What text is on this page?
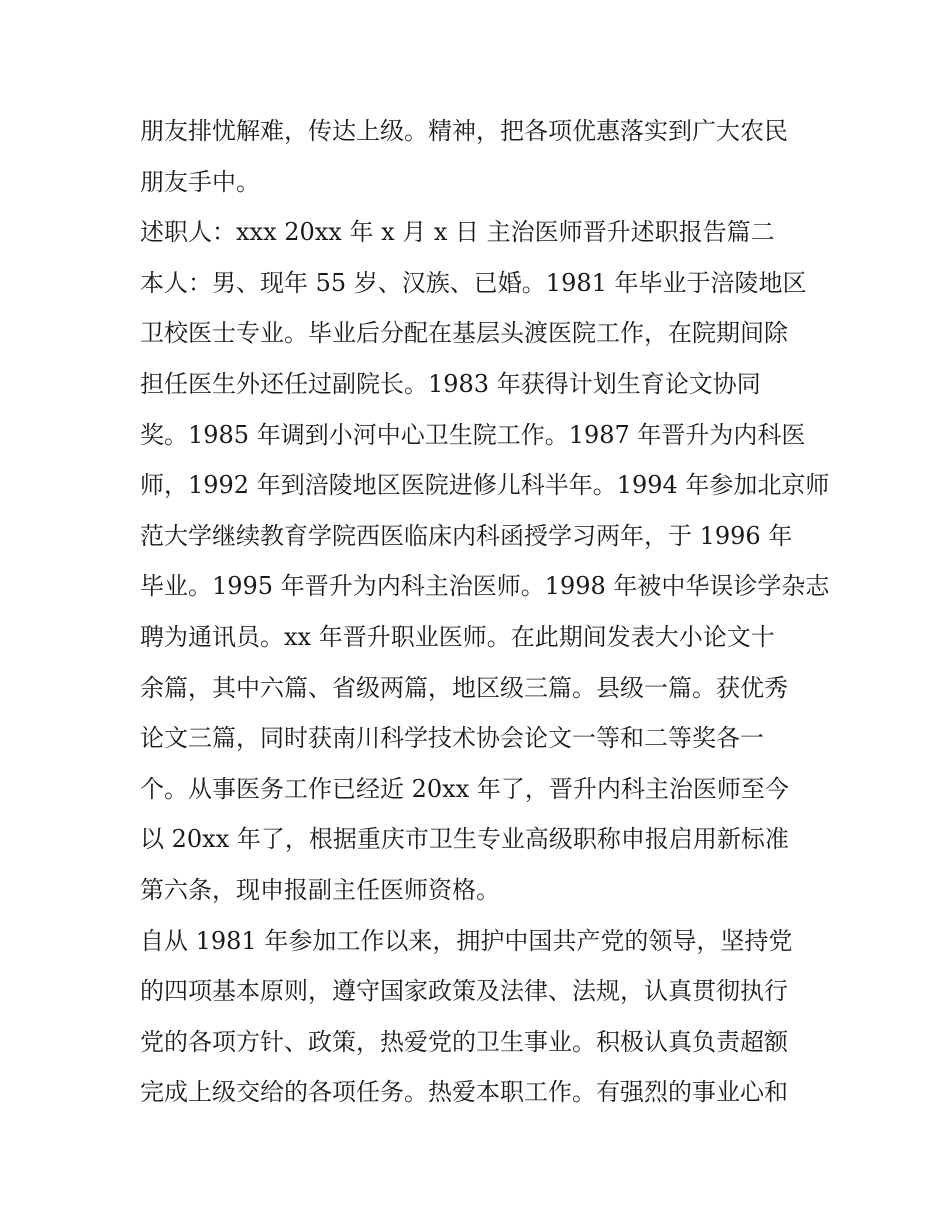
朋友排忧解难，传达上级。精神，把各项优惠落实到广大农民
朋友手中。
述职人：xxx 20xx 年 x 月 x 日 主治医师晋升述职报告篇二
本人：男、现年 55 岁、汉族、已婚。1981 年毕业于涪陵地区
卫校医士专业。毕业后分配在基层头渡医院工作，在院期间除
担任医生外还任过副院长。1983 年获得计划生育论文协同
奖。1985 年调到小河中心卫生院工作。1987 年晋升为内科医
师，1992 年到涪陵地区医院进修儿科半年。1994 年参加北京师
范大学继续教育学院西医临床内科函授学习两年，于 1996 年
毕业。1995 年晋升为内科主治医师。1998 年被中华误诊学杂志
聘为通讯员。xx 年晋升职业医师。在此期间发表大小论文十
余篇，其中六篇、省级两篇，地区级三篇。县级一篇。获优秀
论文三篇，同时获南川科学技术协会论文一等和二等奖各一
个。从事医务工作已经近 20xx 年了，晋升内科主治医师至今
以 20xx 年了，根据重庆市卫生专业高级职称申报启用新标准
第六条，现申报副主任医师资格。
自从 1981 年参加工作以来，拥护中国共产党的领导，坚持党
的四项基本原则，遵守国家政策及法律、法规，认真贯彻执行
党的各项方针、政策，热爱党的卫生事业。积极认真负责超额
完成上级交给的各项任务。热爱本职工作。有强烈的事业心和
